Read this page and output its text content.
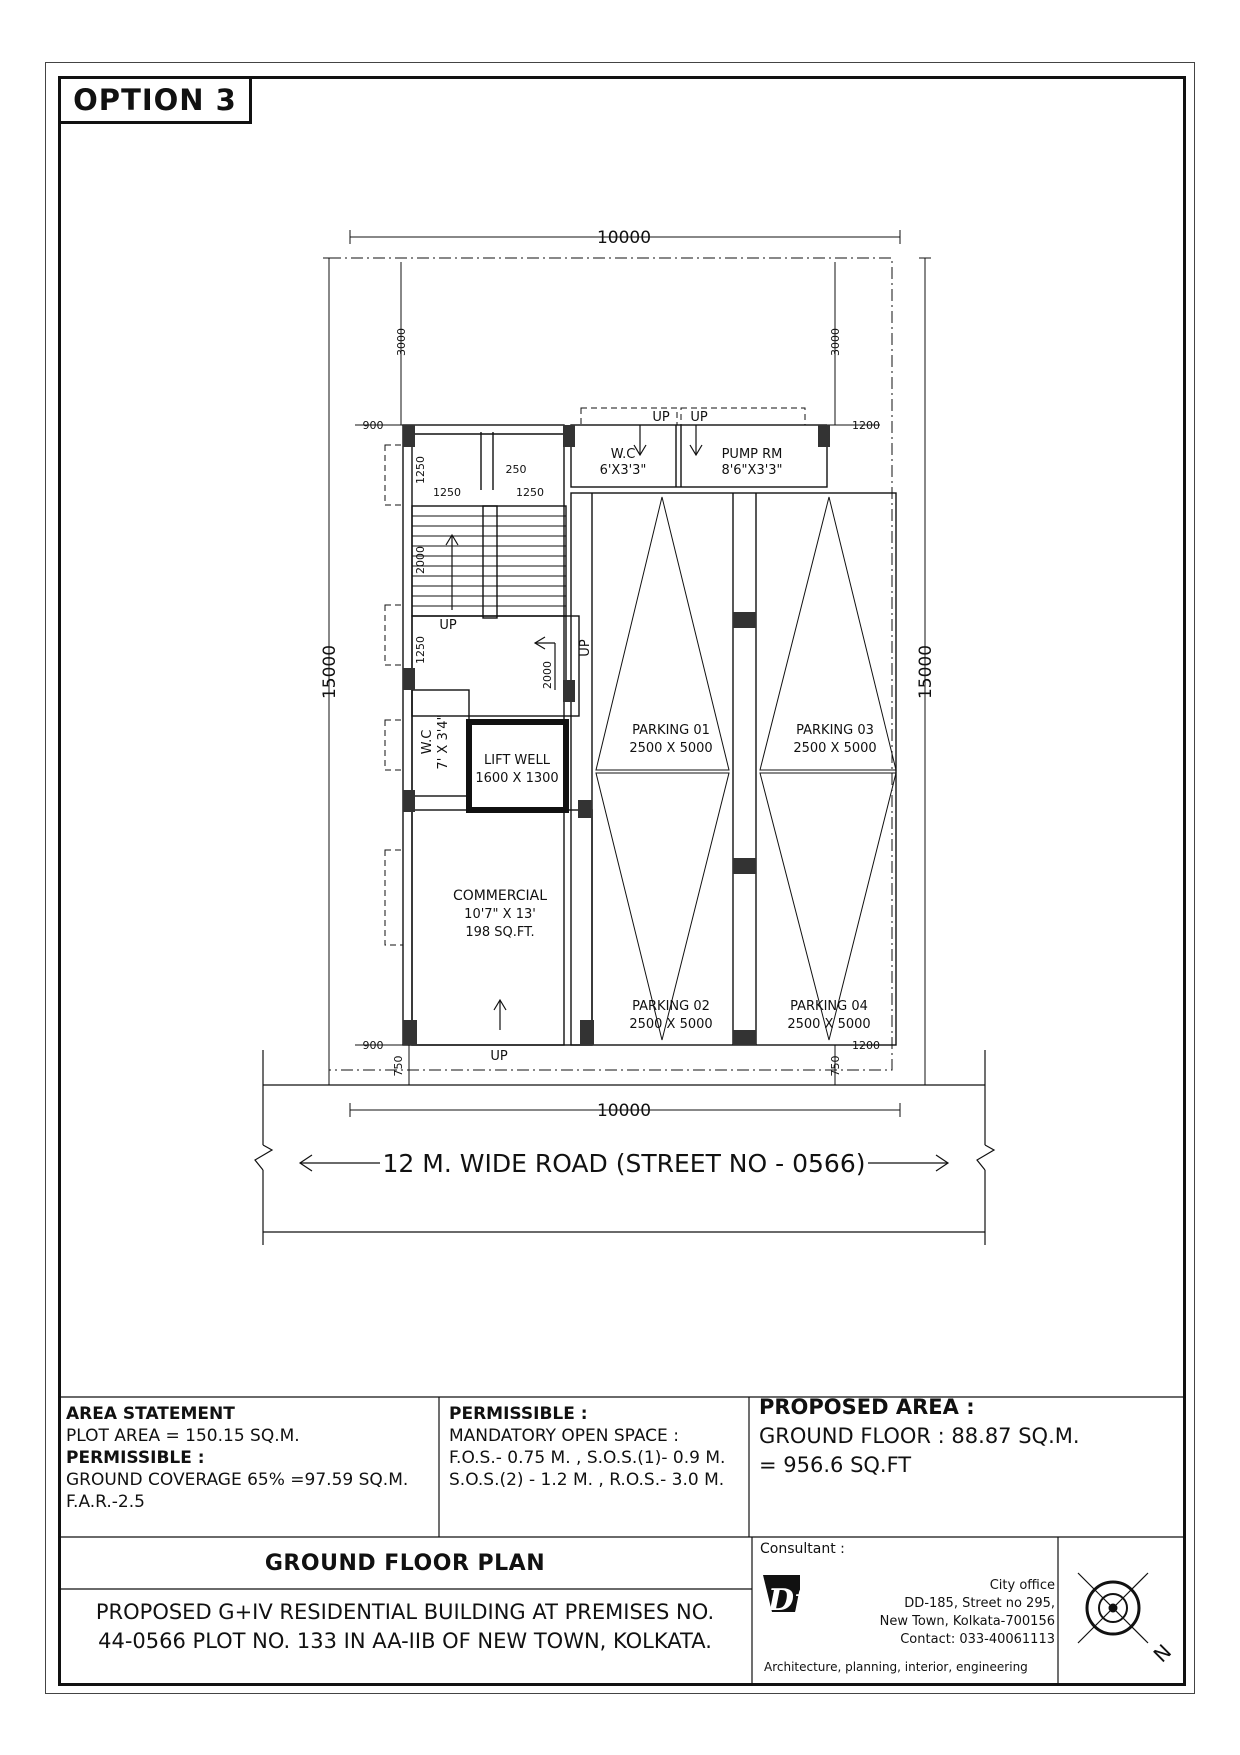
OPTION 3
10000
10000
15000	15000
3000	3000
900	1200
900	1200
750	750
1250
1250	1250
250
2000
1250
2000
W.C
6'X3'3"
PUMP RM
8'6"X3'3"
W.C 7' X 3'4"	LIFT WELL
1600 X 1300
COMMERCIAL
10'7" X 13'
198 SQ.FT.
PARKING 01
2500 X 5000
PARKING 03
2500 X 5000
PARKING 02
2500 X 5000
PARKING 04
2500 X 5000
UP UP
UP
UP
UP
12 M. WIDE ROAD (STREET NO - 0566)
N
Dform
AREA STATEMENT
PLOT AREA = 150.15 SQ.M.
PERMISSIBLE :
GROUND COVERAGE 65% =97.59 SQ.M.
F.A.R.-2.5
PERMISSIBLE :
MANDATORY OPEN SPACE :
F.O.S.- 0.75 M. , S.O.S.(1)- 0.9 M.
S.O.S.(2) - 1.2 M. , R.O.S.- 3.0 M.
PROPOSED AREA :
GROUND FLOOR : 88.87 SQ.M.
= 956.6 SQ.FT
GROUND FLOOR PLAN
PROPOSED G+IV RESIDENTIAL BUILDING AT PREMISES NO.
44-0566 PLOT NO. 133 IN AA-IIB OF NEW TOWN, KOLKATA.
Consultant :
City office
DD-185, Street no 295,
New Town, Kolkata-700156
Contact: 033-40061113
Architecture, planning, interior, engineering
